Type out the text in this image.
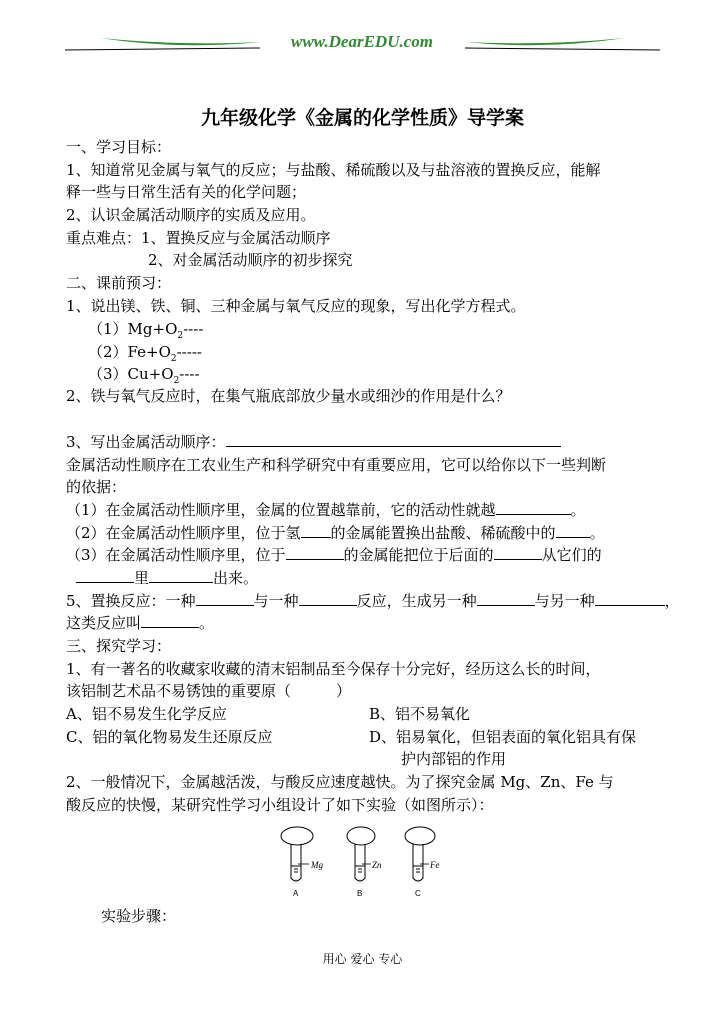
www.DearEDU.com
九年级化学《金属的化学性质》导学案
一、学习目标：
1、知道常见金属与氧气的反应；与盐酸、稀硫酸以及与盐溶液的置换反应，能解
释一些与日常生活有关的化学问题；
2、认识金属活动顺序的实质及应用。
重点难点：1、置换反应与金属活动顺序
2、对金属活动顺序的初步探究
二、课前预习：
1、说出镁、铁、铜、三种金属与氧气反应的现象，写出化学方程式。
$(1)Mg+O_2----$
$(2)Fe+O_2-----$
$(3)Cu+O_2----$
2、铁与氧气反应时，在集气瓶底部放少量水或细沙的作用是什么？
3、写出金属活动顺序：
金属活动性顺序在工农业生产和科学研究中有重要应用，它可以给你以下一些判断
的依据：
（1）在金属活动性顺序里，金属的位置越靠前，它的活动性就越	。
（2）在金属活动性顺序里，位于氢 的金属能置换出盐酸、稀硫酸中的 。
（3）在金属活动性顺序里，位于	的金属能把位于后面的	从它们的
里	出来。
5、置换反应：一种	与一种	反应，生成另一种	与另一种	，
这类反应叫	。
三、探究学习：
1、有一著名的收藏家收藏的清末铝制品至今保存十分完好，经历这么长的时间，
该铝制艺术品不易锈蚀的重要原（　　　）
A、铝不易发生化学反应	B、铝不易氧化
C、铝的氧化物易发生还原反应	D、铝易氧化，但铝表面的氧化铝具有保
护内部铝的作用
2、一般情况下，金属越活泼，与酸反应速度越快。为了探究金属 Mg、Zn、Fe 与
酸反应的快慢，某研究性学习小组设计了如下实验（如图所示）：
Mg
A
Zn
B
Fe
C
实验步骤：
用心 爱心 专心
